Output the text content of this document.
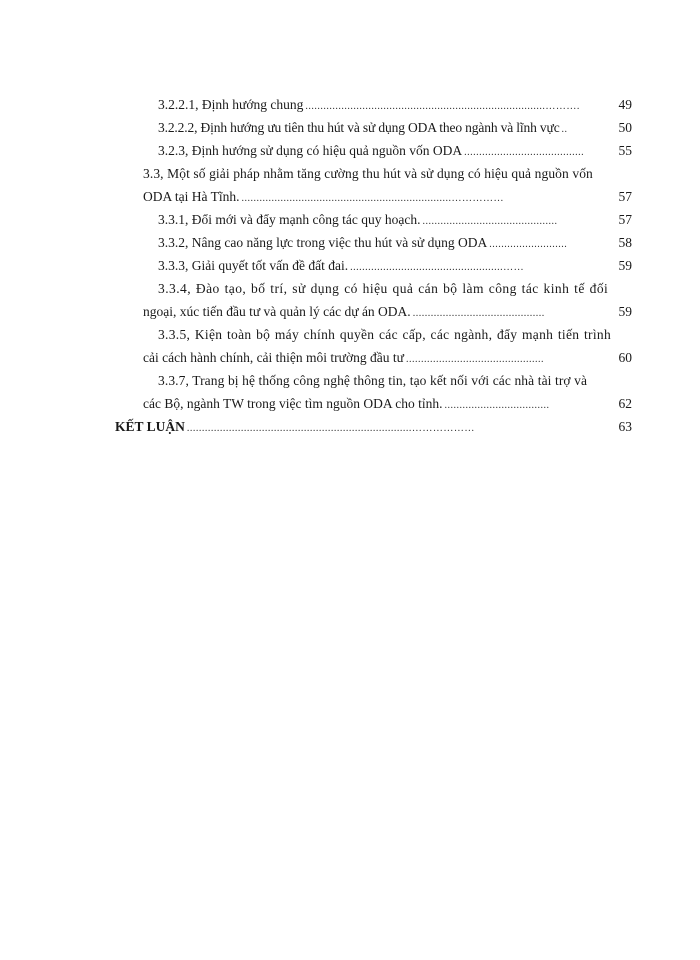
3.2.2.1, Định hướng chung ................................................................................……….	49
3.2.2.2, Định hướng ưu tiên thu hút và sử dụng ODA theo ngành và lĩnh vực ..	50
3.2.3, Định hướng sử dụng có hiệu quả nguồn vốn ODA ........................................	55
3.3, Một số giải pháp nhằm tăng cường thu hút và sử dụng có hiệu quả nguồn vốn
ODA tại Hà Tĩnh. ......................................................................……………	57
3.3.1, Đổi mới và đẩy mạnh công tác quy hoạch. .............................................	57
3.3.2, Nâng cao năng lực trong việc thu hút và sử dụng ODA ..........................	58
3.3.3, Giải quyết tốt vấn đề đất đai. ...................................................……	59
3.3.4, Đào tạo, bố trí, sử dụng có hiệu quả cán bộ làm công tác kinh tế đối
ngoại, xúc tiến đầu tư và quản lý các dự án ODA. ............................................	59
3.3.5, Kiện toàn bộ máy chính quyền các cấp, các ngành, đẩy mạnh tiến trình
cải cách hành chính, cải thiện môi trường đầu tư ..............................................	60
3.3.7, Trang bị hệ thống công nghệ thông tin, tạo kết nối với các nhà tài trợ và
các Bộ, ngành TW trong việc tìm nguồn ODA cho tỉnh. ...................................	62
KẾT LUẬN ...........................................................................………………	63
